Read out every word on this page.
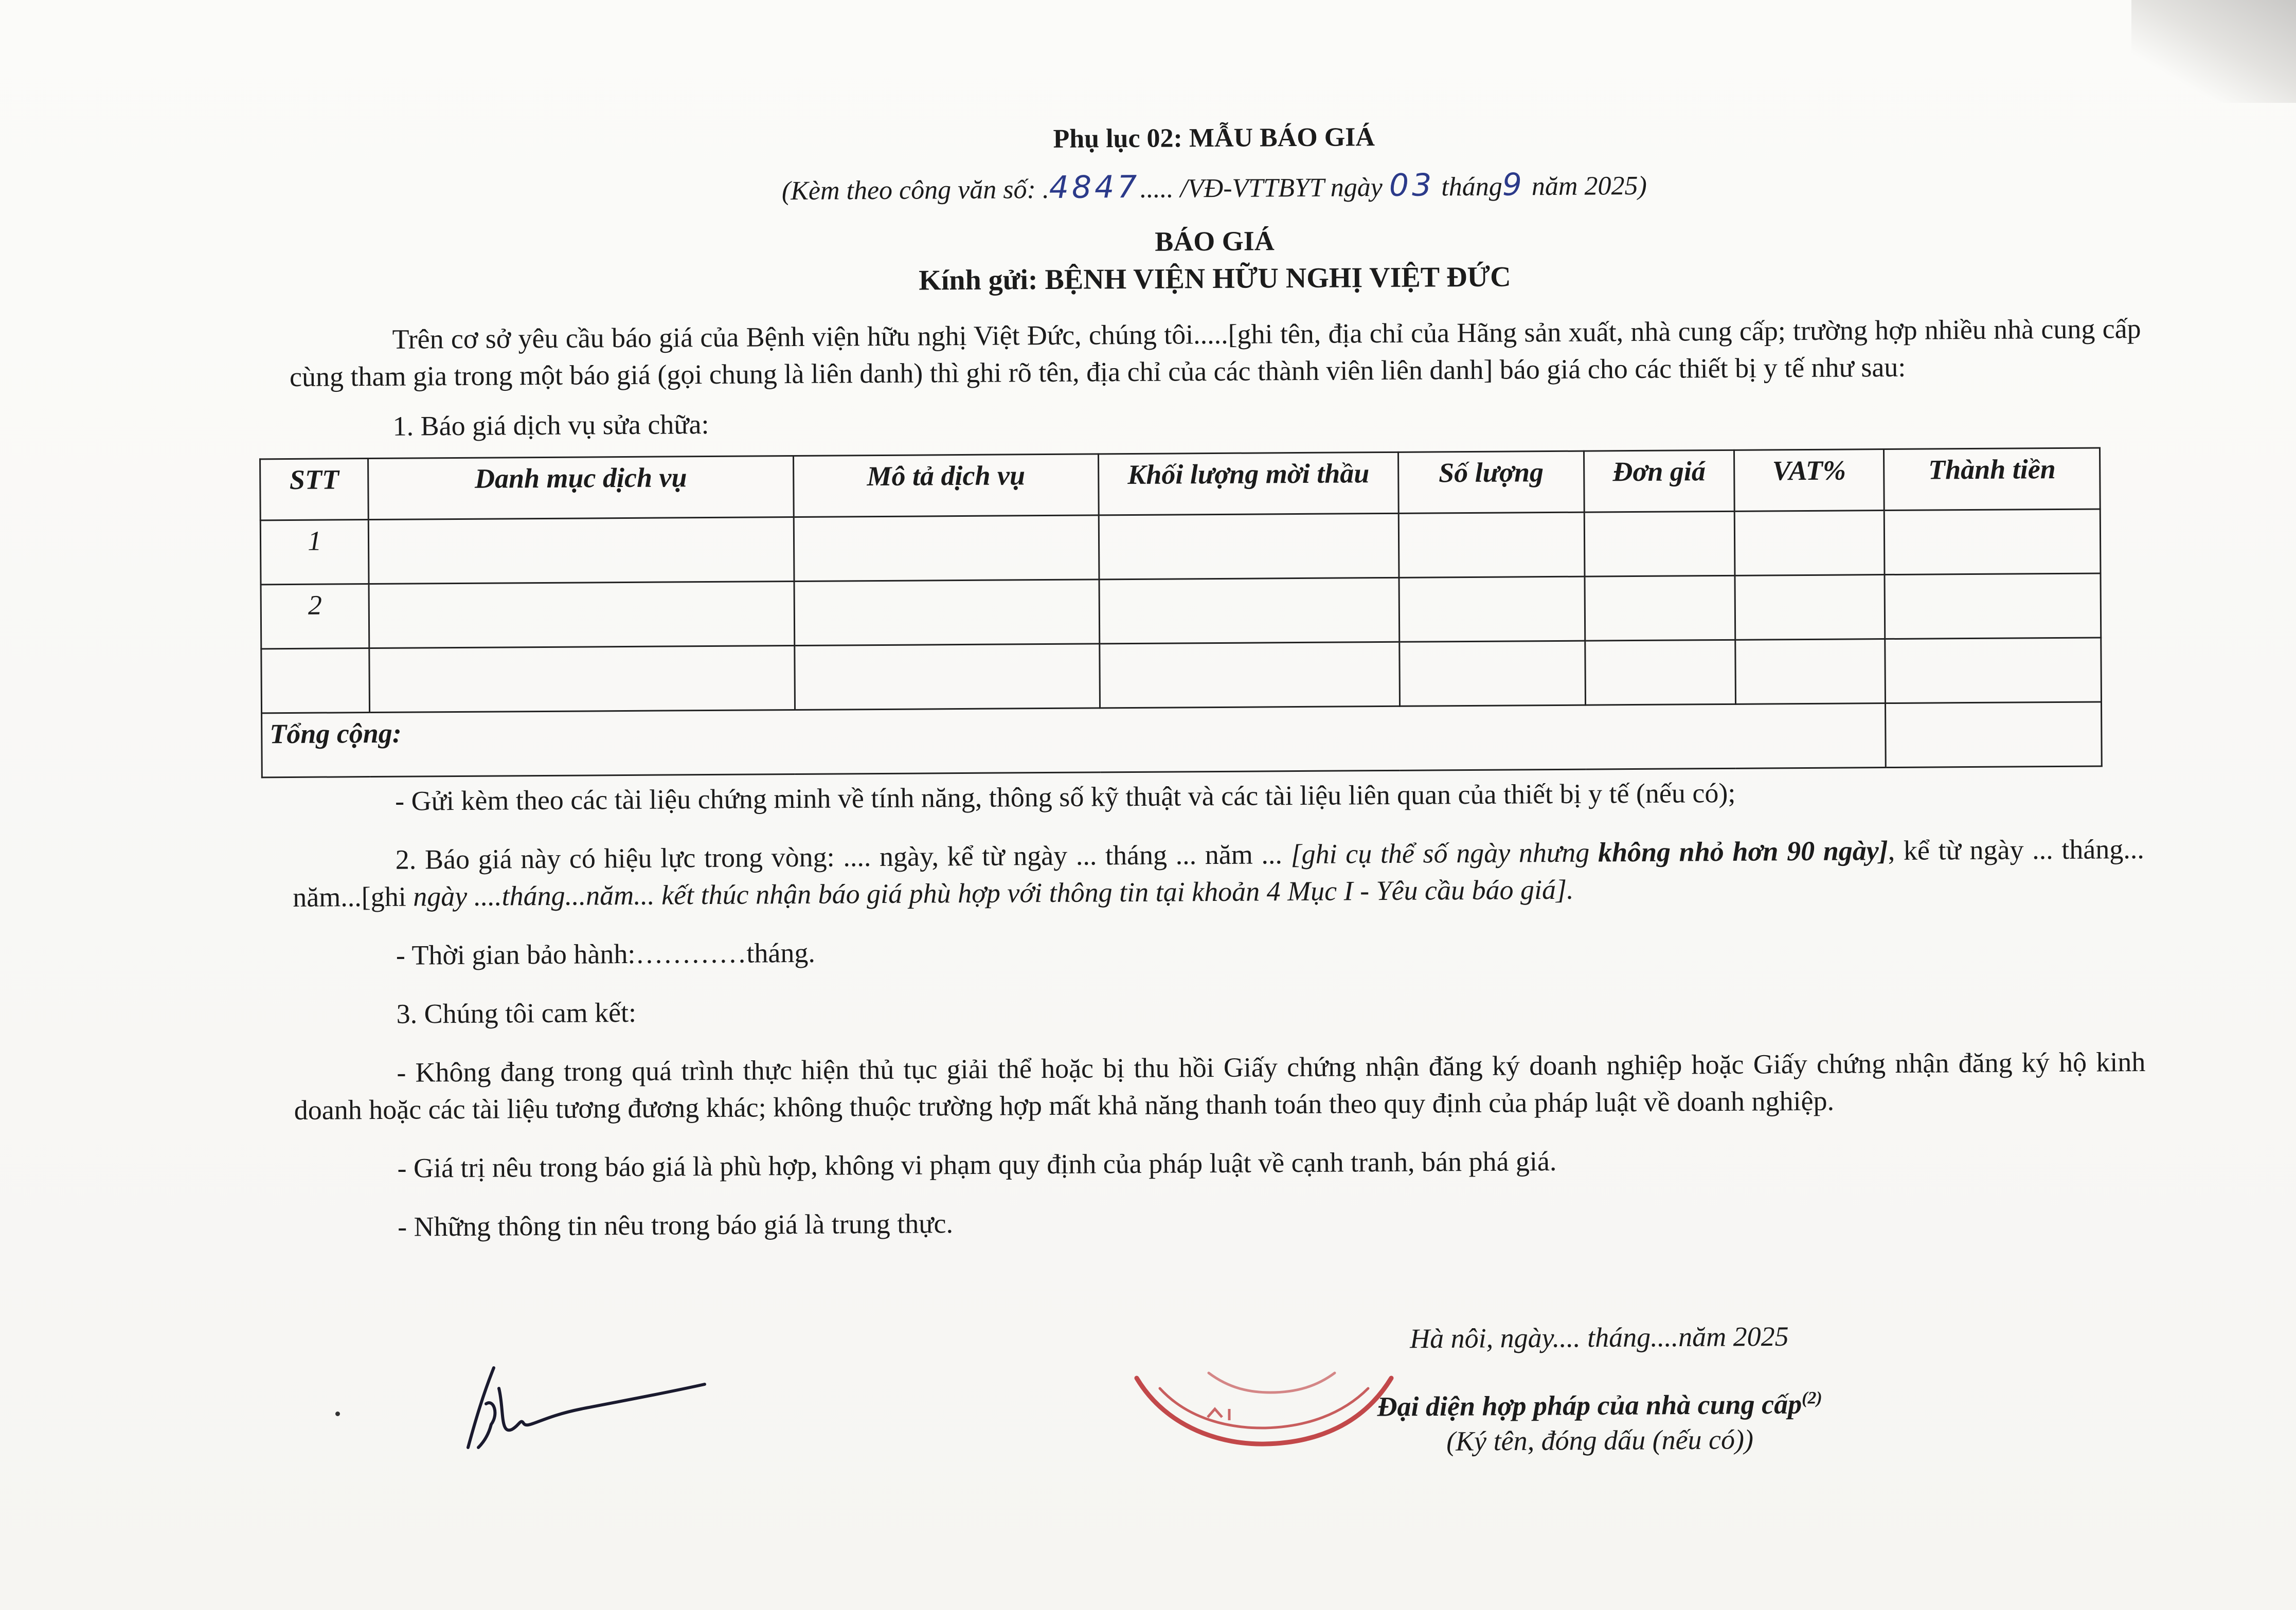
Phụ lục 02: MẪU BÁO GIÁ
(Kèm theo công văn số: .4847..... /VĐ-VTTBYT ngày 03 tháng9 năm 2025)
BÁO GIÁ
Kính gửi: BỆNH VIỆN HỮU NGHỊ VIỆT ĐỨC
Trên cơ sở yêu cầu báo giá của Bệnh viện hữu nghị Việt Đức, chúng tôi.....[ghi tên, địa chỉ của Hãng sản xuất, nhà cung cấp; trường hợp nhiều nhà cung cấp cùng tham gia trong một báo giá (gọi chung là liên danh) thì ghi rõ tên, địa chỉ của các thành viên liên danh] báo giá cho các thiết bị y tế như sau:
1. Báo giá dịch vụ sửa chữa:
STT	Danh mục dịch vụ	Mô tả dịch vụ	Khối lượng mời thầu	Số lượng	Đơn giá	VAT%	Thành tiền
1							
2							

Tổng cộng:							
- Gửi kèm theo các tài liệu chứng minh về tính năng, thông số kỹ thuật và các tài liệu liên quan của thiết bị y tế (nếu có);
2. Báo giá này có hiệu lực trong vòng: .... ngày, kể từ ngày ... tháng ... năm ... [ghi cụ thể số ngày nhưng không nhỏ hơn 90 ngày], kể từ ngày ... tháng... năm...[ghi ngày ....tháng...năm... kết thúc nhận báo giá phù hợp với thông tin tại khoản 4 Mục I - Yêu cầu báo giá].
- Thời gian bảo hành:…………tháng.
3. Chúng tôi cam kết:
- Không đang trong quá trình thực hiện thủ tục giải thể hoặc bị thu hồi Giấy chứng nhận đăng ký doanh nghiệp hoặc Giấy chứng nhận đăng ký hộ kinh doanh hoặc các tài liệu tương đương khác; không thuộc trường hợp mất khả năng thanh toán theo quy định của pháp luật về doanh nghiệp.
- Giá trị nêu trong báo giá là phù hợp, không vi phạm quy định của pháp luật về cạnh tranh, bán phá giá.
- Những thông tin nêu trong báo giá là trung thực.
Hà nôi, ngày.... tháng....năm 2025
Đại diện hợp pháp của nhà cung cấp$^{(2)}$
(Ký tên, đóng dấu (nếu có))
